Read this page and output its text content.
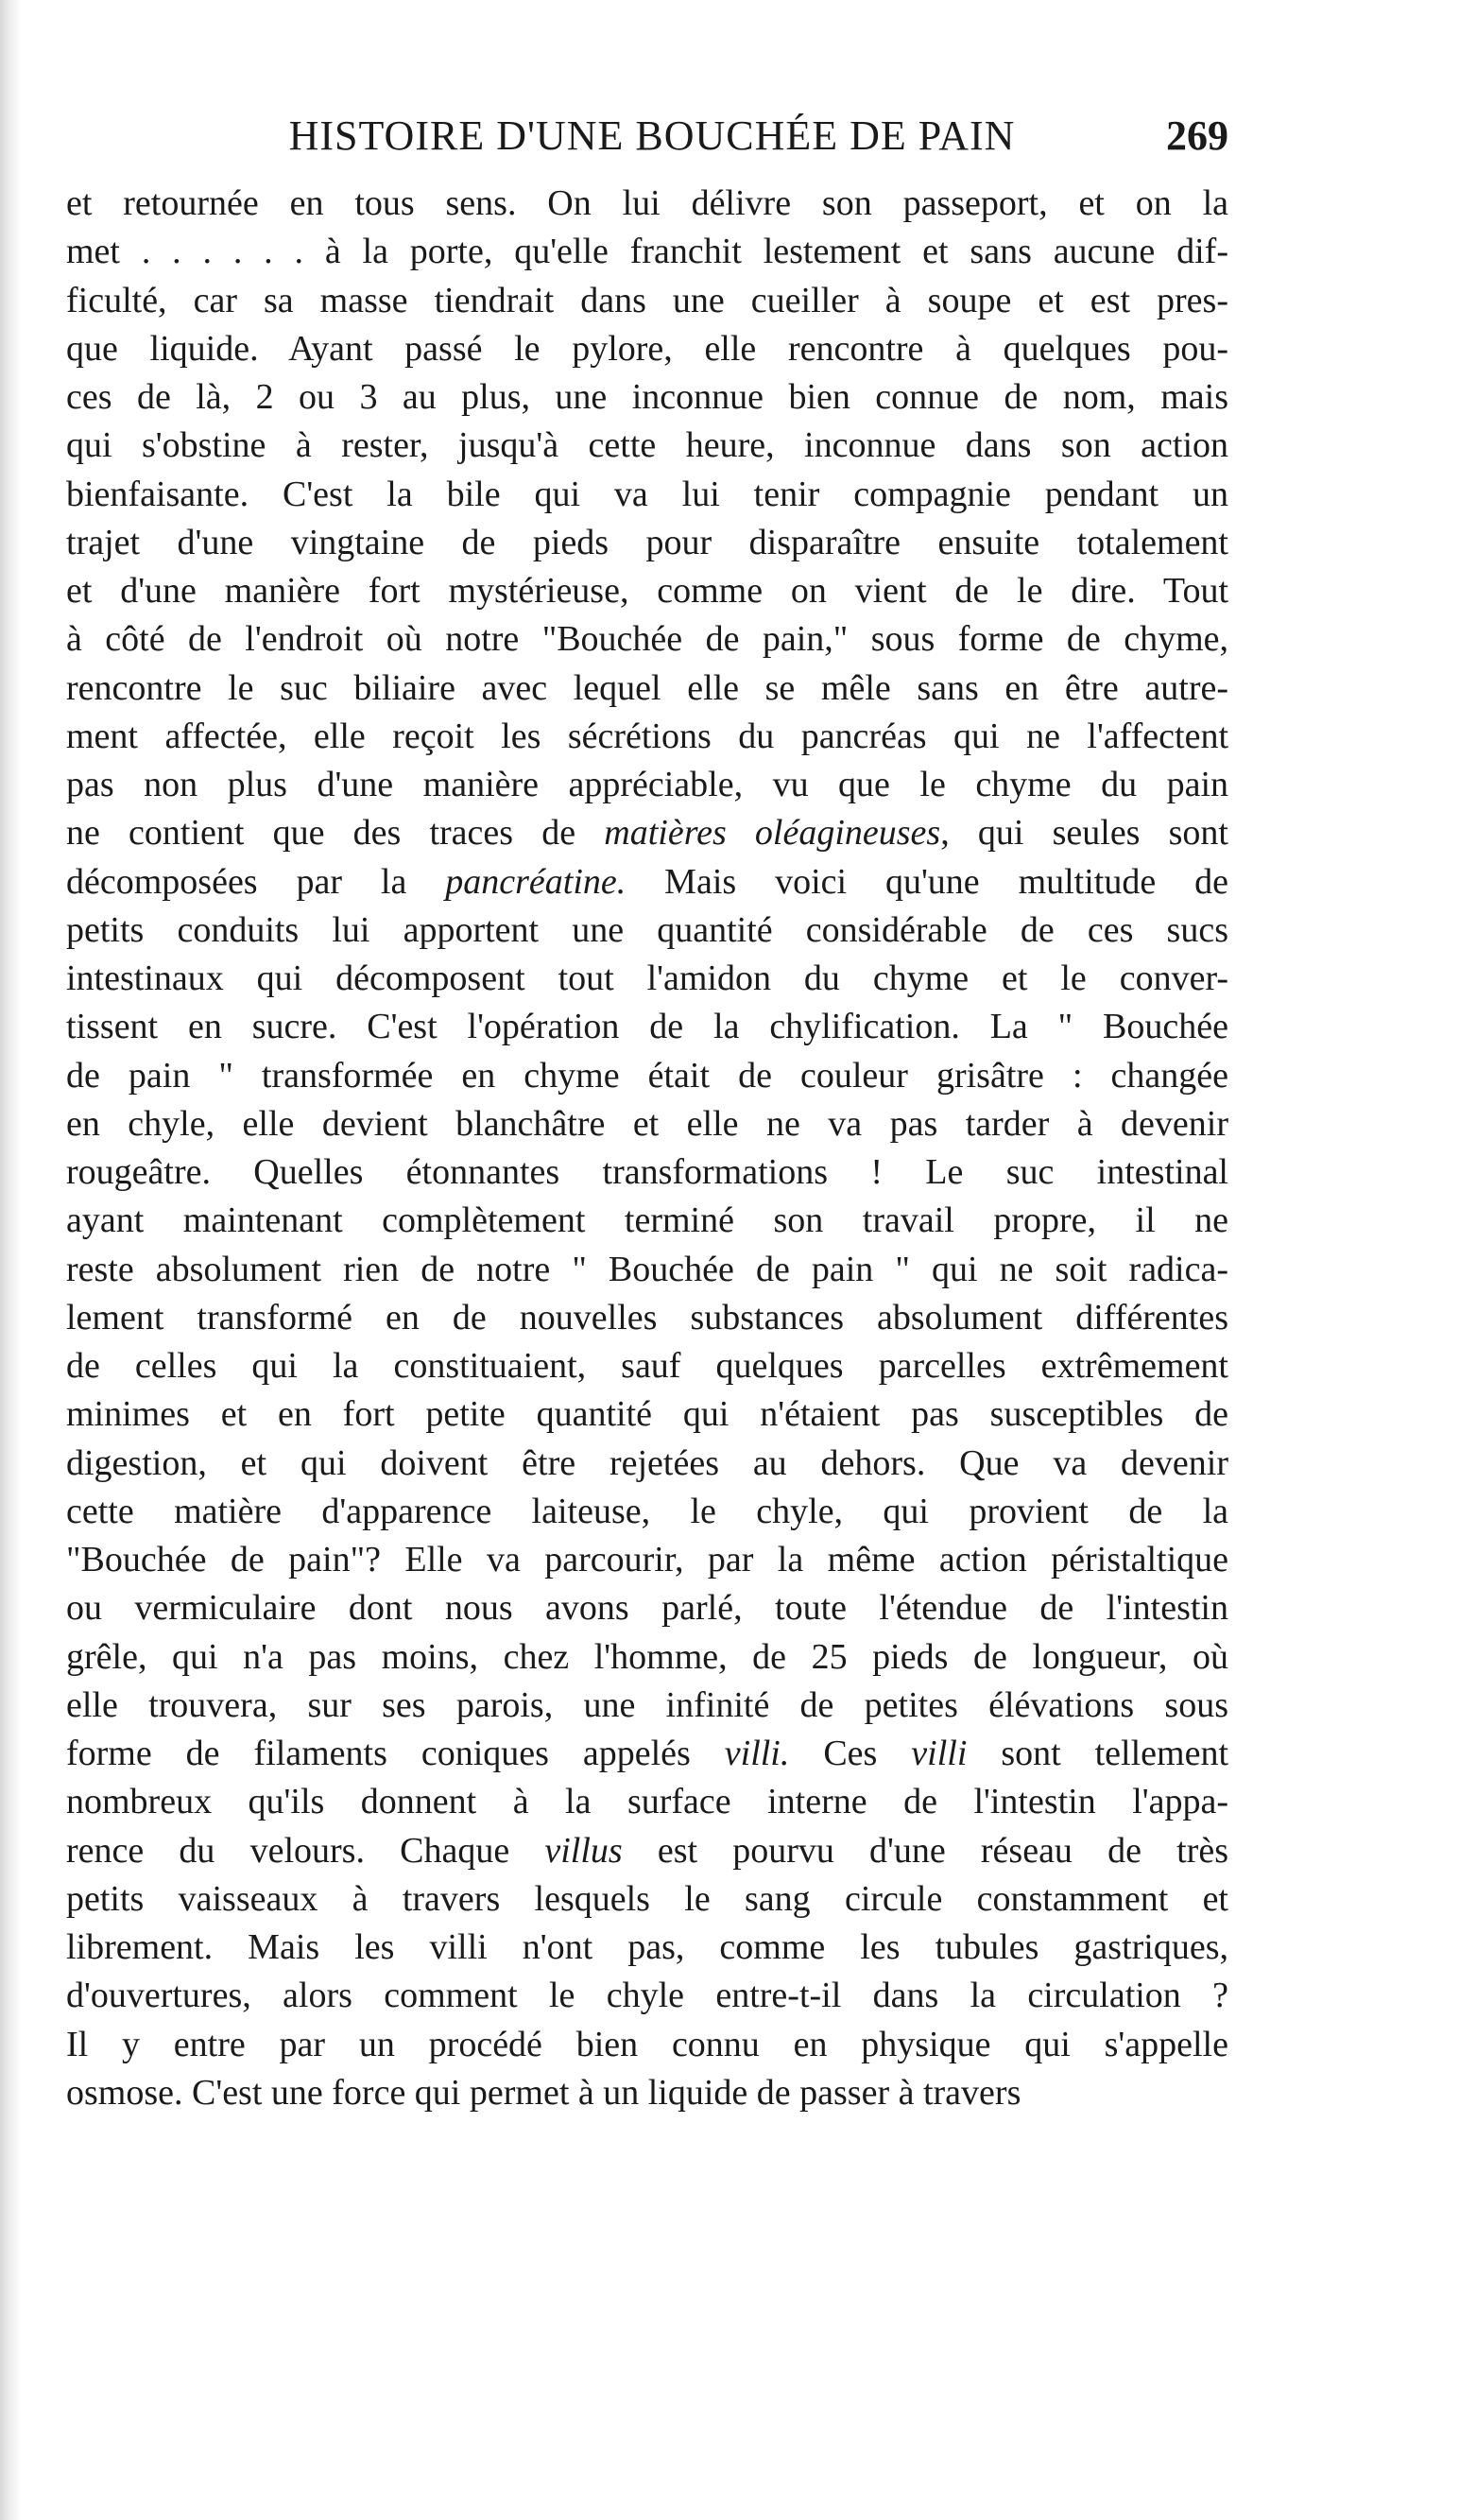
HISTOIRE D'UNE BOUCHÉE DE PAIN	269
et retournée en tous sens. On lui délivre son passeport, et on la
met . . . . . . à la porte, qu'elle franchit lestement et sans aucune dif-
ficulté, car sa masse tiendrait dans une cueiller à soupe et est pres-
que liquide. Ayant passé le pylore, elle rencontre à quelques pou-
ces de là, 2 ou 3 au plus, une inconnue bien connue de nom, mais
qui s'obstine à rester, jusqu'à cette heure, inconnue dans son action
bienfaisante. C'est la bile qui va lui tenir compagnie pendant un
trajet d'une vingtaine de pieds pour disparaître ensuite totalement
et d'une manière fort mystérieuse, comme on vient de le dire. Tout
à côté de l'endroit où notre "Bouchée de pain," sous forme de chyme,
rencontre le suc biliaire avec lequel elle se mêle sans en être autre-
ment affectée, elle reçoit les sécrétions du pancréas qui ne l'affectent
pas non plus d'une manière appréciable, vu que le chyme du pain
ne contient que des traces de matières oléagineuses, qui seules sont
décomposées par la pancréatine. Mais voici qu'une multitude de
petits conduits lui apportent une quantité considérable de ces sucs
intestinaux qui décomposent tout l'amidon du chyme et le conver-
tissent en sucre. C'est l'opération de la chylification. La " Bouchée
de pain " transformée en chyme était de couleur grisâtre : changée
en chyle, elle devient blanchâtre et elle ne va pas tarder à devenir
rougeâtre. Quelles étonnantes transformations ! Le suc intestinal
ayant maintenant complètement terminé son travail propre, il ne
reste absolument rien de notre " Bouchée de pain " qui ne soit radica-
lement transformé en de nouvelles substances absolument différentes
de celles qui la constituaient, sauf quelques parcelles extrêmement
minimes et en fort petite quantité qui n'étaient pas susceptibles de
digestion, et qui doivent être rejetées au dehors. Que va devenir
cette matière d'apparence laiteuse, le chyle, qui provient de la
"Bouchée de pain"? Elle va parcourir, par la même action péristaltique
ou vermiculaire dont nous avons parlé, toute l'étendue de l'intestin
grêle, qui n'a pas moins, chez l'homme, de 25 pieds de longueur, où
elle trouvera, sur ses parois, une infinité de petites élévations sous
forme de filaments coniques appelés villi. Ces villi sont tellement
nombreux qu'ils donnent à la surface interne de l'intestin l'appa-
rence du velours. Chaque villus est pourvu d'une réseau de très
petits vaisseaux à travers lesquels le sang circule constamment et
librement. Mais les villi n'ont pas, comme les tubules gastriques,
d'ouvertures, alors comment le chyle entre-t-il dans la circulation ?
Il y entre par un procédé bien connu en physique qui s'appelle
osmose. C'est une force qui permet à un liquide de passer à travers
